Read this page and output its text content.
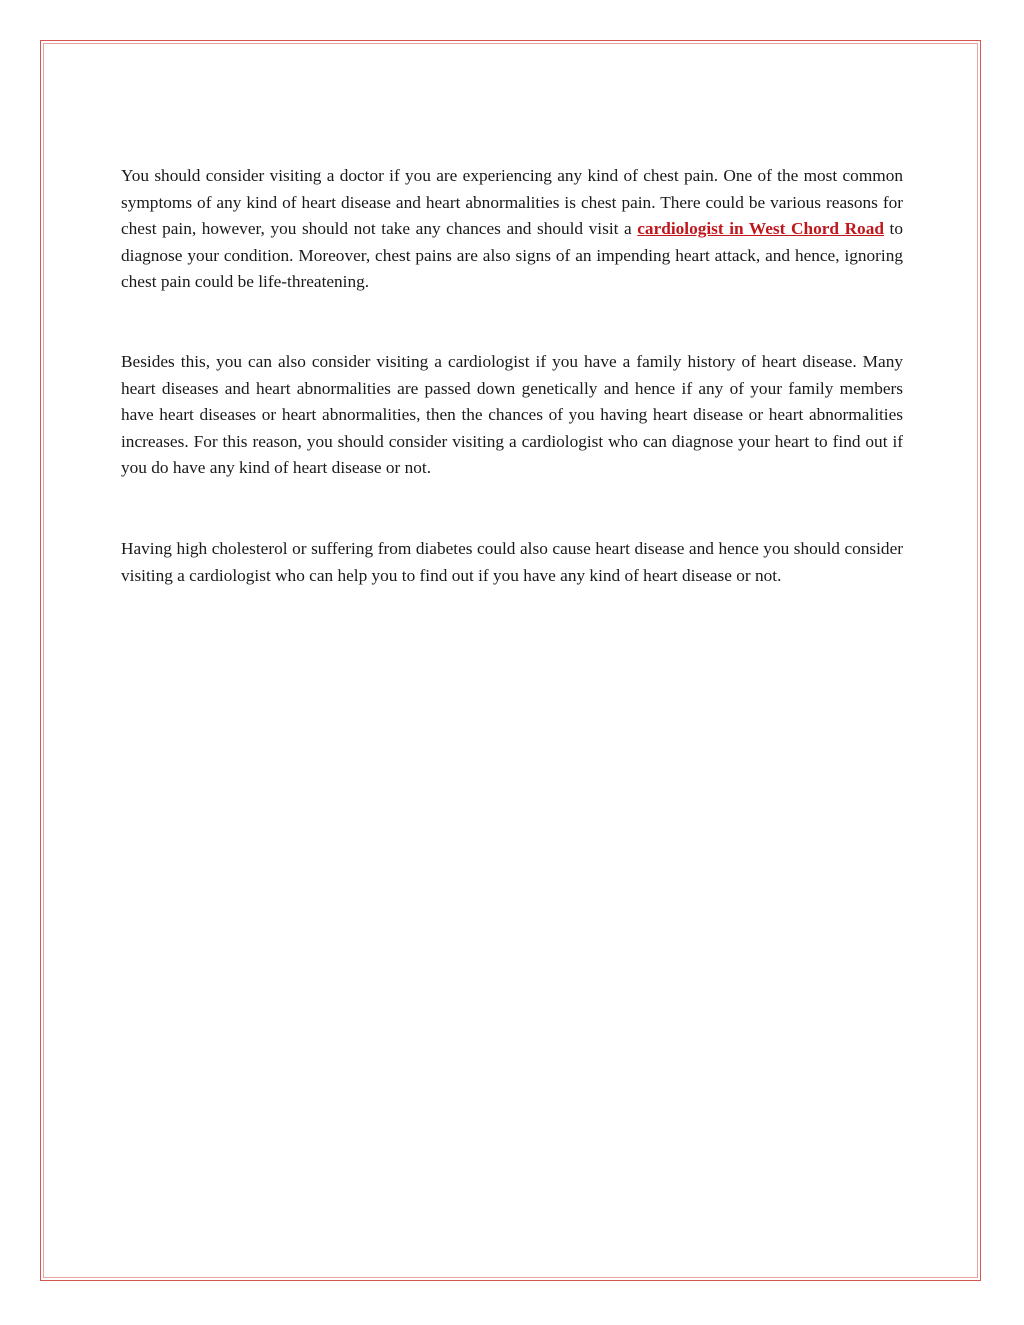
You should consider visiting a doctor if you are experiencing any kind of chest pain. One of the most common symptoms of any kind of heart disease and heart abnormalities is chest pain. There could be various reasons for chest pain, however, you should not take any chances and should visit a cardiologist in West Chord Road to diagnose your condition. Moreover, chest pains are also signs of an impending heart attack, and hence, ignoring chest pain could be life-threatening.

Besides this, you can also consider visiting a cardiologist if you have a family history of heart disease. Many heart diseases and heart abnormalities are passed down genetically and hence if any of your family members have heart diseases or heart abnormalities, then the chances of you having heart disease or heart abnormalities increases. For this reason, you should consider visiting a cardiologist who can diagnose your heart to find out if you do have any kind of heart disease or not.

Having high cholesterol or suffering from diabetes could also cause heart disease and hence you should consider visiting a cardiologist who can help you to find out if you have any kind of heart disease or not.
